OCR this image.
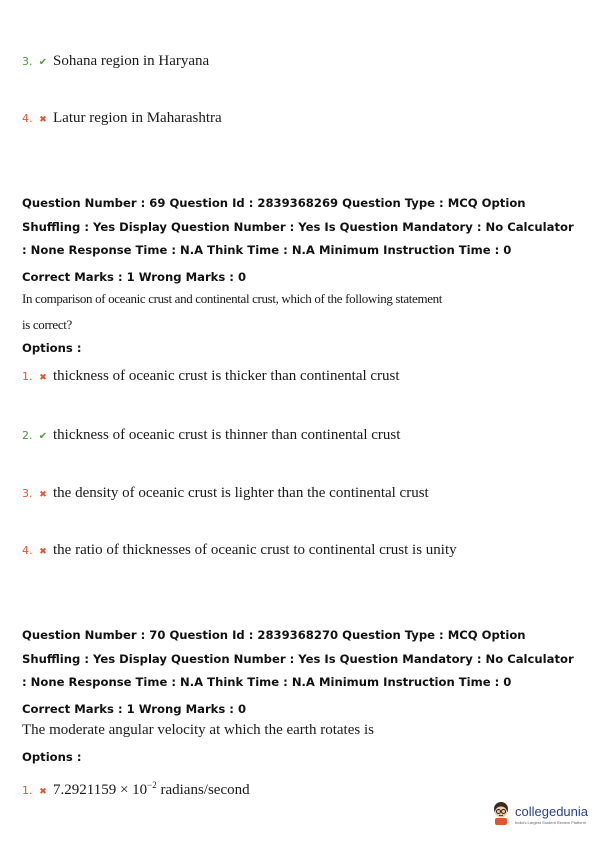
3. ✔ Sohana region in Haryana
4. ✖ Latur region in Maharashtra
Question Number : 69 Question Id : 2839368269 Question Type : MCQ Option Shuffling : Yes Display Question Number : Yes Is Question Mandatory : No Calculator : None Response Time : N.A Think Time : N.A Minimum Instruction Time : 0
Correct Marks : 1 Wrong Marks : 0
In comparison of oceanic crust and continental crust, which of the following statement
is correct?
Options :
1. ✖ thickness of oceanic crust is thicker than continental crust
2. ✔ thickness of oceanic crust is thinner than continental crust
3. ✖ the density of oceanic crust is lighter than the continental crust
4. ✖ the ratio of thicknesses of oceanic crust to continental crust is unity
Question Number : 70 Question Id : 2839368270 Question Type : MCQ Option Shuffling : Yes Display Question Number : Yes Is Question Mandatory : No Calculator : None Response Time : N.A Think Time : N.A Minimum Instruction Time : 0
Correct Marks : 1 Wrong Marks : 0
The moderate angular velocity at which the earth rotates is
Options :
1. ✖ $7.2921159 \times 10^{-2}$ radians/second
collegedunia
India's Largest Student Review Platform
